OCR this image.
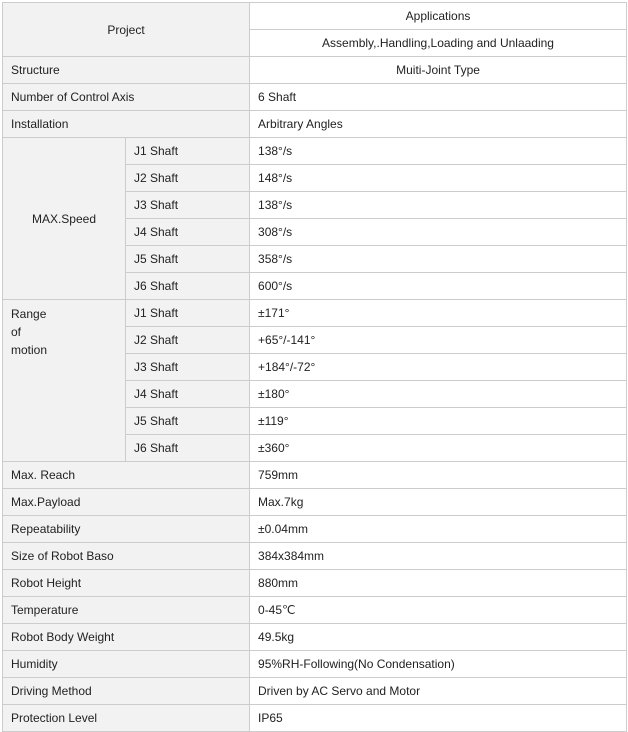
Project		Applications
		Assembly,.Handling,Loading and Unlaading
Structure		Muiti-Joint Type
Number of Control Axis		6 Shaft
Installation		Arbitrary Angles
MAX.Speed	J1 Shaft	138°/s
	J2 Shaft	148°/s
	J3 Shaft	138°/s
	J4 Shaft	308°/s
	J5 Shaft	358°/s
	J6 Shaft	600°/s

Range
of
motion	J1 Shaft	±171°
	J2 Shaft	+65°/-141°
	J3 Shaft	+184°/-72°
	J4 Shaft	±180°
	J5 Shaft	±119°
	J6 Shaft	±360°
Max. Reach		759mm
Max.Payload		Max.7kg
Repeatability		±0.04mm
Size of Robot Baso		384x384mm
Robot Height		880mm
Temperature		0-45℃
Robot Body Weight		49.5kg
Humidity		95%RH-Following(No Condensation)
Driving Method		Driven by AC Servo and Motor
Protection Level		IP65
